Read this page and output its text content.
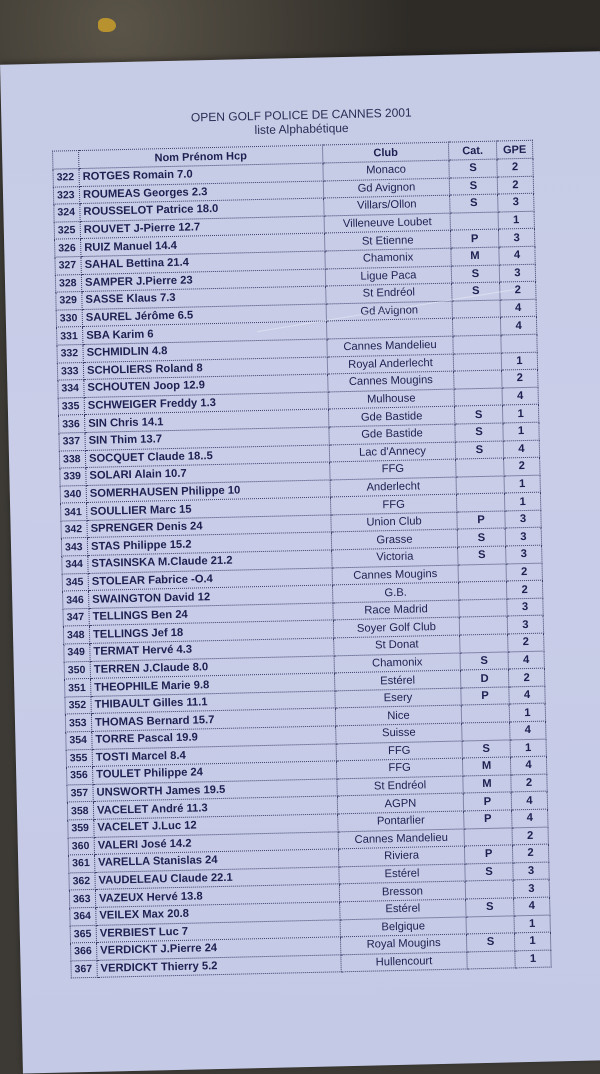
OPEN GOLF POLICE DE CANNES 2001
liste Alphabétique
	Nom Prénom Hcp	Club	Cat.	GPE
322	ROTGES Romain 7.0	Monaco	S	2
323	ROUMEAS Georges 2.3	Gd Avignon	S	2
324	ROUSSELOT Patrice 18.0	Villars/Ollon	S	3
325	ROUVET J-Pierre 12.7	Villeneuve Loubet		1
326	RUIZ Manuel 14.4	St Etienne	P	3
327	SAHAL Bettina 21.4	Chamonix	M	4
328	SAMPER J.Pierre 23	Ligue Paca	S	3
329	SASSE Klaus 7.3	St Endréol	S	2
330	SAUREL Jérôme 6.5	Gd Avignon		4
331	SBA Karim 6			4
332	SCHMIDLIN 4.8	Cannes Mandelieu		
333	SCHOLIERS Roland 8	Royal Anderlecht		1
334	SCHOUTEN Joop 12.9	Cannes Mougins		2
335	SCHWEIGER Freddy 1.3	Mulhouse		4
336	SIN Chris 14.1	Gde Bastide	S	1
337	SIN Thim 13.7	Gde Bastide	S	1
338	SOCQUET Claude 18..5	Lac d'Annecy	S	4
339	SOLARI Alain 10.7	FFG		2
340	SOMERHAUSEN Philippe 10	Anderlecht		1
341	SOULLIER Marc 15	FFG		1
342	SPRENGER Denis 24	Union Club	P	3
343	STAS Philippe 15.2	Grasse	S	3
344	STASINSKA M.Claude 21.2	Victoria	S	3
345	STOLEAR Fabrice -O.4	Cannes Mougins		2
346	SWAINGTON David 12	G.B.		2
347	TELLINGS Ben 24	Race Madrid		3
348	TELLINGS Jef 18	Soyer Golf Club		3
349	TERMAT Hervé 4.3	St Donat		2
350	TERREN J.Claude 8.0	Chamonix	S	4
351	THEOPHILE Marie 9.8	Estérel	D	2
352	THIBAULT Gilles 11.1	Esery	P	4
353	THOMAS Bernard 15.7	Nice		1
354	TORRE Pascal 19.9	Suisse		4
355	TOSTI Marcel 8.4	FFG	S	1
356	TOULET Philippe 24	FFG	M	4
357	UNSWORTH James 19.5	St Endréol	M	2
358	VACELET André 11.3	AGPN	P	4
359	VACELET J.Luc 12	Pontarlier	P	4
360	VALERI José 14.2	Cannes Mandelieu		2
361	VARELLA Stanislas 24	Riviera	P	2
362	VAUDELEAU Claude 22.1	Estérel	S	3
363	VAZEUX Hervé 13.8	Bresson		3
364	VEILEX Max 20.8	Estérel	S	4
365	VERBIEST Luc 7	Belgique		1
366	VERDICKT J.Pierre 24	Royal Mougins	S	1
367	VERDICKT Thierry 5.2	Hullencourt		1
